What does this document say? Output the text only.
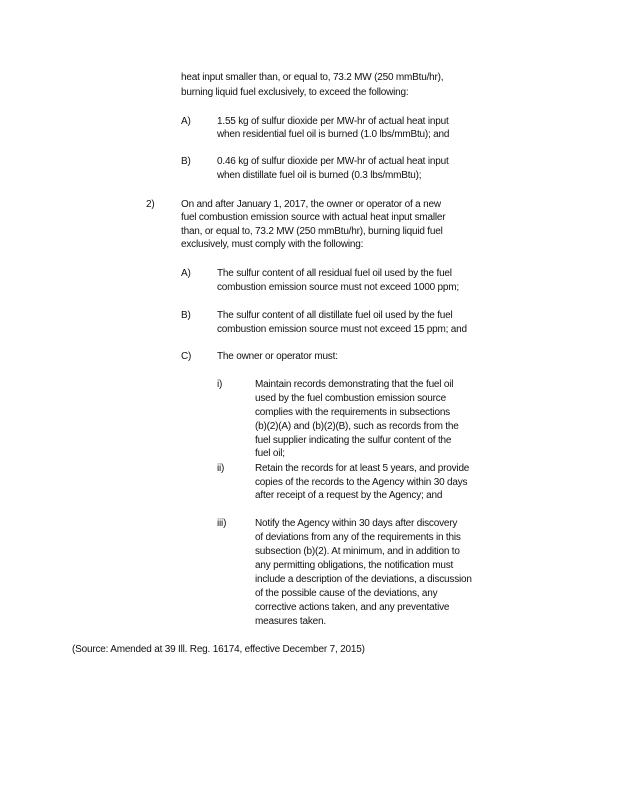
heat input smaller than, or equal to, 73.2 MW (250 mmBtu/hr),
burning liquid fuel exclusively, to exceed the following:
A)	1.55 kg of sulfur dioxide per MW-hr of actual heat input
when residential fuel oil is burned (1.0 lbs/mmBtu); and
B)	0.46 kg of sulfur dioxide per MW-hr of actual heat input
when distillate fuel oil is burned (0.3 lbs/mmBtu);
2)	On and after January 1, 2017, the owner or operator of a new
fuel combustion emission source with actual heat input smaller
than, or equal to, 73.2 MW (250 mmBtu/hr), burning liquid fuel
exclusively, must comply with the following:
A)	The sulfur content of all residual fuel oil used by the fuel
combustion emission source must not exceed 1000 ppm;
B)	The sulfur content of all distillate fuel oil used by the fuel
combustion emission source must not exceed 15 ppm; and
C)	The owner or operator must:
i)	Maintain records demonstrating that the fuel oil
used by the fuel combustion emission source
complies with the requirements in subsections
(b)(2)(A) and (b)(2)(B), such as records from the
fuel supplier indicating the sulfur content of the
fuel oil;
ii)	Retain the records for at least 5 years, and provide
copies of the records to the Agency within 30 days
after receipt of a request by the Agency; and
iii)	Notify the Agency within 30 days after discovery
of deviations from any of the requirements in this
subsection (b)(2). At minimum, and in addition to
any permitting obligations, the notification must
include a description of the deviations, a discussion
of the possible cause of the deviations, any
corrective actions taken, and any preventative
measures taken.
(Source: Amended at 39 Ill. Reg. 16174, effective December 7, 2015)
